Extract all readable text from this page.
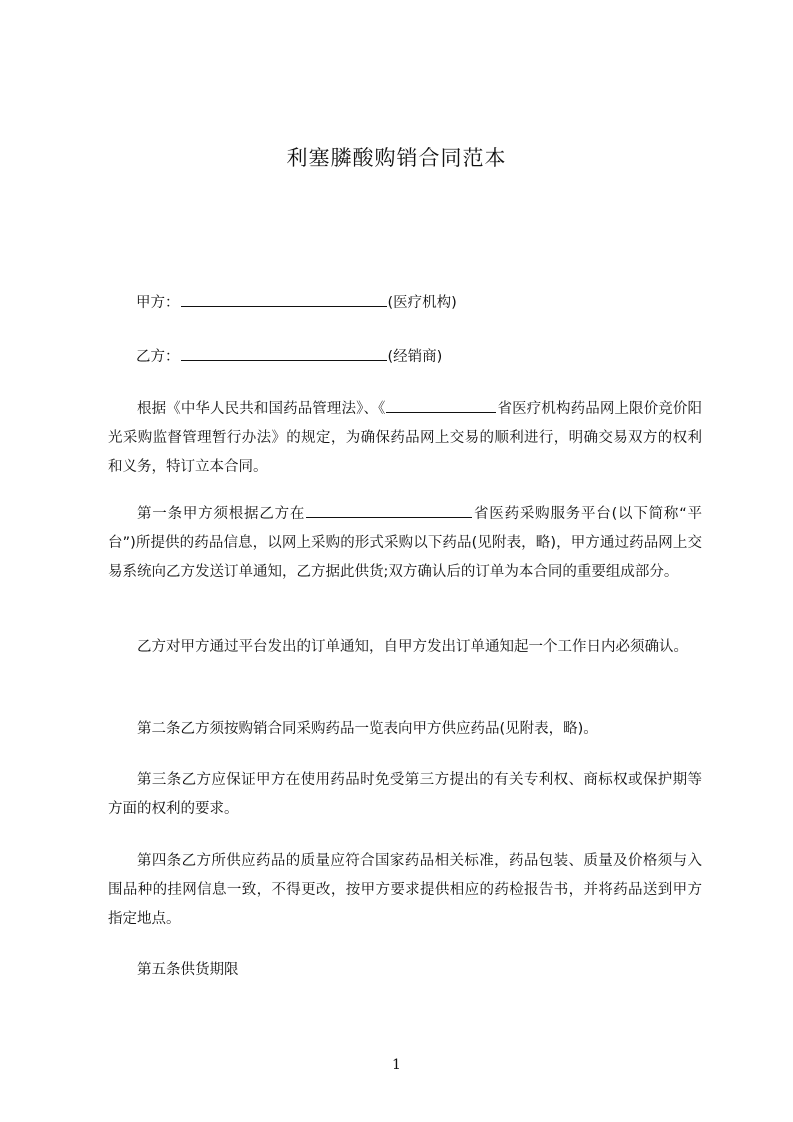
利塞膦酸购销合同范本
甲方：	(医疗机构)
乙方：	(经销商)
根据《中华人民共和国药品管理法》、《	省医疗机构药品网上限价竞价阳光采购监督管理暂行办法》的规定，为确保药品网上交易的顺利进行，明确交易双方的权利和义务，特订立本合同。
第一条甲方须根据乙方在	省医药采购服务平台(以下简称“平台”)所提供的药品信息，以网上采购的形式采购以下药品(见附表，略)，甲方通过药品网上交易系统向乙方发送订单通知，乙方据此供货;双方确认后的订单为本合同的重要组成部分。
乙方对甲方通过平台发出的订单通知，自甲方发出订单通知起一个工作日内必须确认。
第二条乙方须按购销合同采购药品一览表向甲方供应药品(见附表，略)。
第三条乙方应保证甲方在使用药品时免受第三方提出的有关专利权、商标权或保护期等方面的权利的要求。
第四条乙方所供应药品的质量应符合国家药品相关标准，药品包装、质量及价格须与入围品种的挂网信息一致，不得更改，按甲方要求提供相应的药检报告书，并将药品送到甲方指定地点。
第五条供货期限
1
